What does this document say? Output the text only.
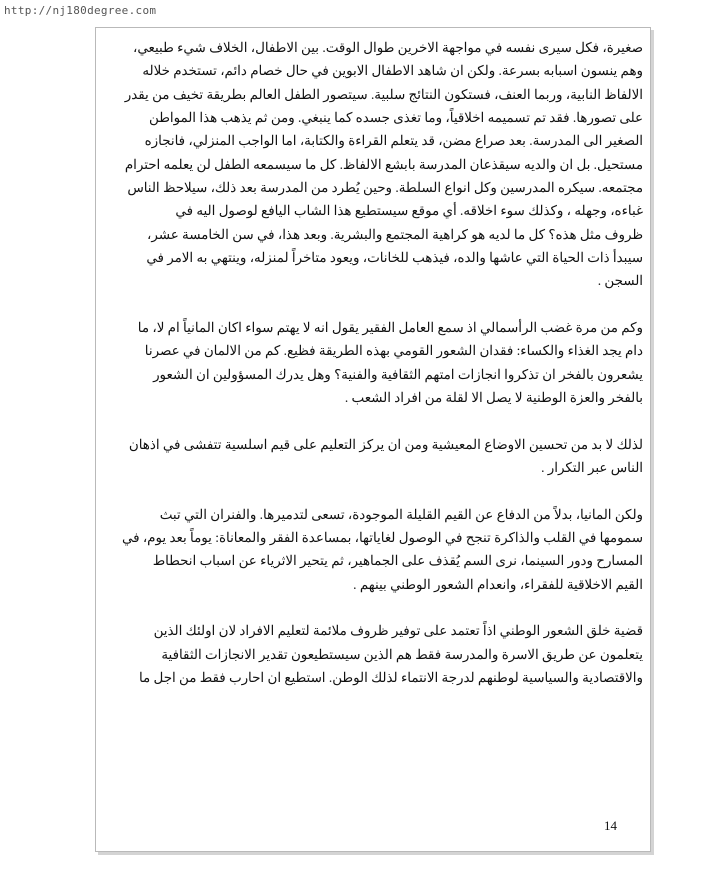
http://nj180degree.com
صغيرة، فكل سيرى نفسه في مواجهة الاخرين طوال الوقت. بين الاطفال، الخلاف شيء طبيعي،
وهم ينسون اسبابه بسرعة. ولكن ان شاهد الاطفال الابوين في حال خصام دائم، تستخدم خلاله
الالفاظ النابية، وربما العنف، فستكون النتائج سلبية. سيتصور الطفل العالم بطريقة تخيف من يقدر
على تصورها. فقد تم تسميمه اخلاقياً، وما تغذى جسده كما ينبغي. ومن ثم يذهب هذا المواطن
الصغير الى المدرسة. بعد صراع مضن، قد يتعلم القراءة والكتابة، اما الواجب المنزلي، فانجازه
مستحيل. بل ان والديه سيقذعان المدرسة بابشع الالفاظ. كل ما سيسمعه الطفل لن يعلمه احترام
مجتمعه. سيكره المدرسين وكل انواع السلطة. وحين يُطرد من المدرسة بعد ذلك، سيلاحظ الناس
غباءه، وجهله ، وكذلك سوء اخلاقه. أي موقع سيستطيع هذا الشاب اليافع لوصول اليه في
ظروف مثل هذه؟ كل ما لديه هو كراهية المجتمع والبشرية. وبعد هذا، في سن الخامسة عشر،
سيبدأ ذات الحياة التي عاشها والده، فيذهب للخانات، ويعود متاخراً لمنزله، وينتهي به الامر في
السجن .
وكم من مرة غضب الرأسمالي اذ سمع العامل الفقير يقول انه لا يهتم سواء اكان المانياً ام لا، ما
دام يجد الغذاء والكساء: فقدان الشعور القومي بهذه الطريقة فظيع. كم من الالمان في عصرنا
يشعرون بالفخر ان تذكروا انجازات امتهم الثقافية والفنية؟ وهل يدرك المسؤولين ان الشعور
بالفخر والعزة الوطنية لا يصل الا لقلة من افراد الشعب .
لذلك لا بد من تحسين الاوضاع المعيشية ومن ان يركز التعليم على قيم اسلسية تتفشى في اذهان
الناس عبر التكرار .
ولكن المانيا، بدلاً من الدفاع عن القيم القليلة الموجودة، تسعى لتدميرها. والفنران التي تبث
سمومها في القلب والذاكرة تنجح في الوصول لغاياتها، بمساعدة الفقر والمعاناة: يوماً بعد يوم، في
المسارح ودور السينما، نرى السم يُقذف على الجماهير، ثم يتحير الاثرياء عن اسباب انحطاط
القيم الاخلاقية للفقراء، وانعدام الشعور الوطني بينهم .
قضية خلق الشعور الوطني اذاً تعتمد على توفير ظروف ملائمة لتعليم الافراد لان اولئك الذين
يتعلمون عن طريق الاسرة والمدرسة فقط هم الذين سيستطيعون تقدير الانجازات الثقافية
والاقتصادية والسياسية لوطنهم لدرجة الانتماء لذلك الوطن. استطيع ان احارب فقط من اجل ما
14
